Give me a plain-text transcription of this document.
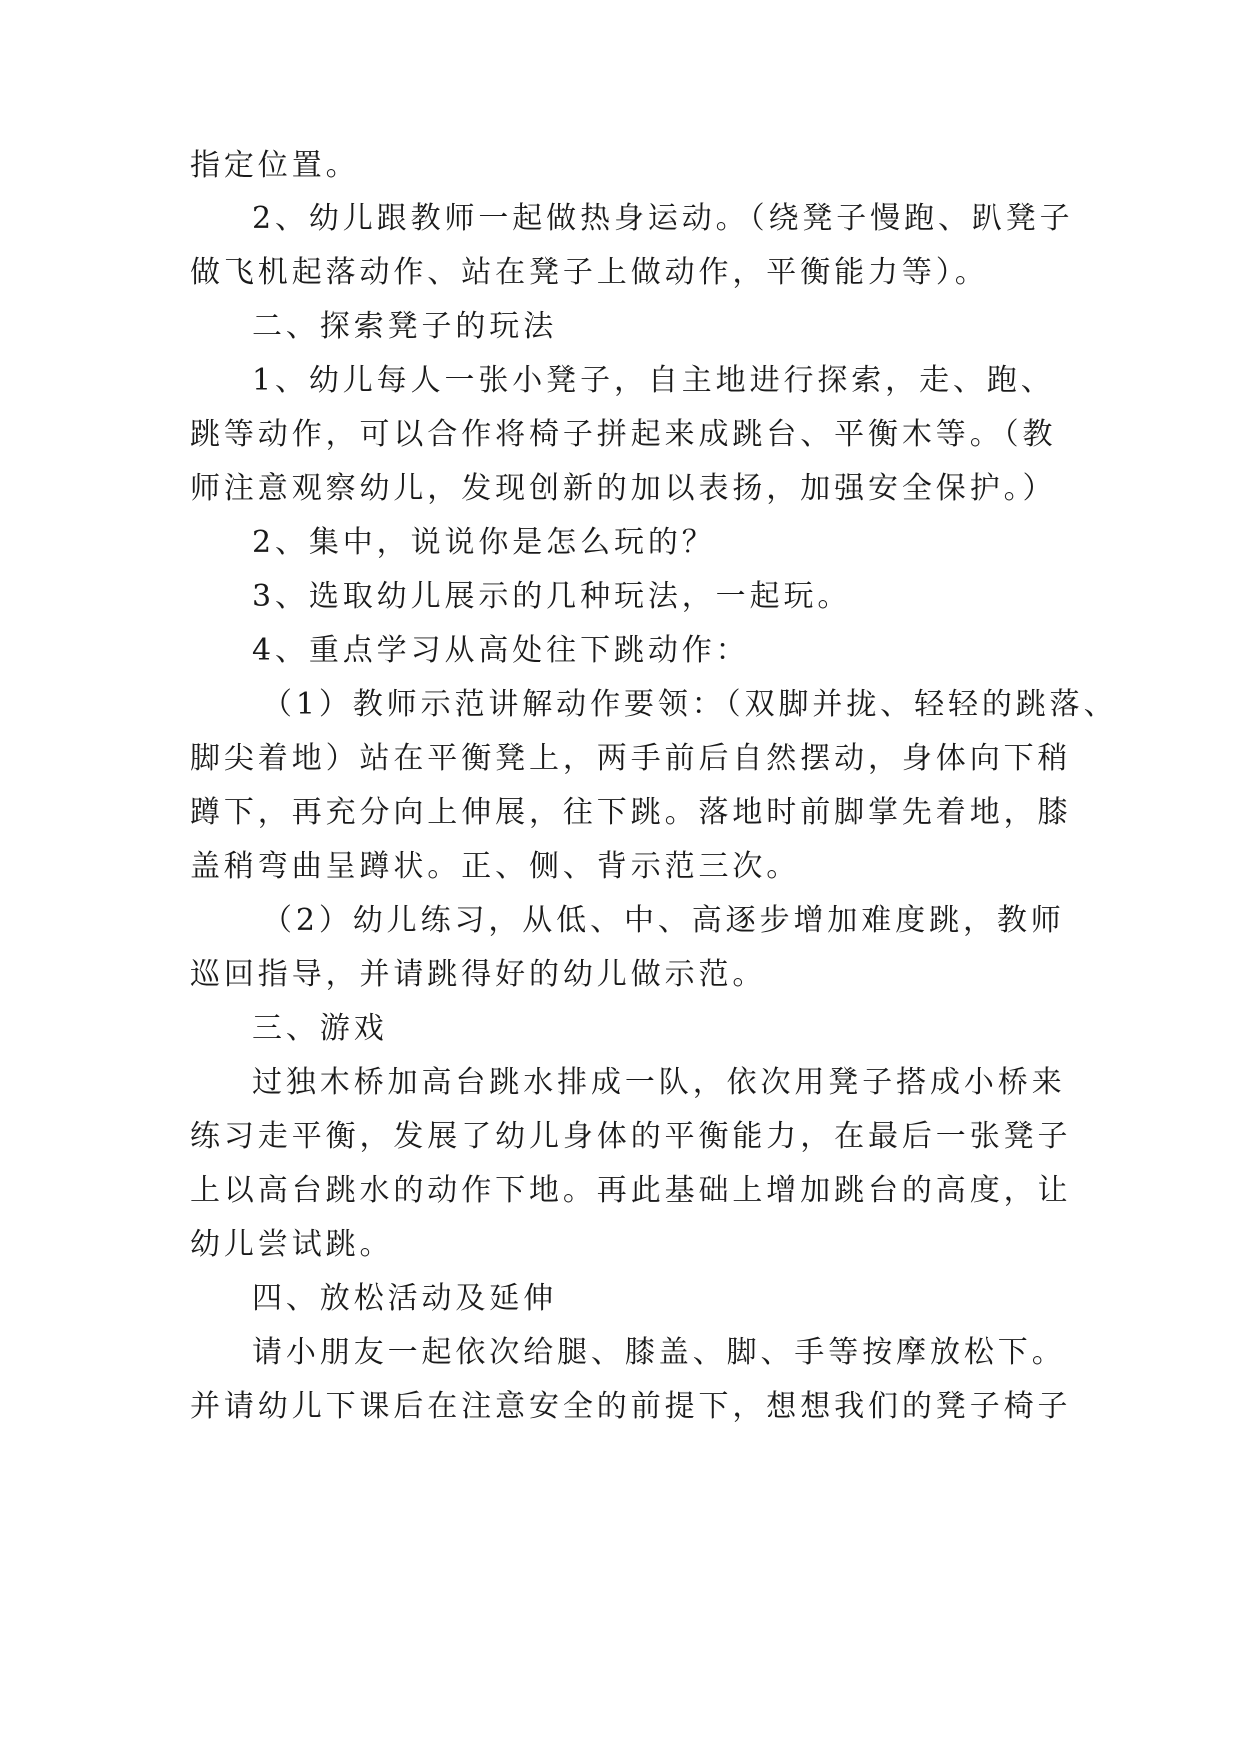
指定位置。
2、幼儿跟教师一起做热身运动。（绕凳子慢跑、趴凳子
做飞机起落动作、站在凳子上做动作，平衡能力等）。
二、探索凳子的玩法
1、幼儿每人一张小凳子，自主地进行探索，走、跑、
跳等动作，可以合作将椅子拼起来成跳台、平衡木等。（教
师注意观察幼儿，发现创新的加以表扬，加强安全保护。）
2、集中，说说你是怎么玩的？
3、选取幼儿展示的几种玩法，一起玩。
4、重点学习从高处往下跳动作：
（1）教师示范讲解动作要领：（双脚并拢、轻轻的跳落、
脚尖着地）站在平衡凳上，两手前后自然摆动，身体向下稍
蹲下，再充分向上伸展，往下跳。落地时前脚掌先着地，膝
盖稍弯曲呈蹲状。正、侧、背示范三次。
（2）幼儿练习，从低、中、高逐步增加难度跳，教师
巡回指导，并请跳得好的幼儿做示范。
三、游戏
过独木桥加高台跳水排成一队，依次用凳子搭成小桥来
练习走平衡，发展了幼儿身体的平衡能力，在最后一张凳子
上以高台跳水的动作下地。再此基础上增加跳台的高度，让
幼儿尝试跳。
四、放松活动及延伸
请小朋友一起依次给腿、膝盖、脚、手等按摩放松下。
并请幼儿下课后在注意安全的前提下，想想我们的凳子椅子
